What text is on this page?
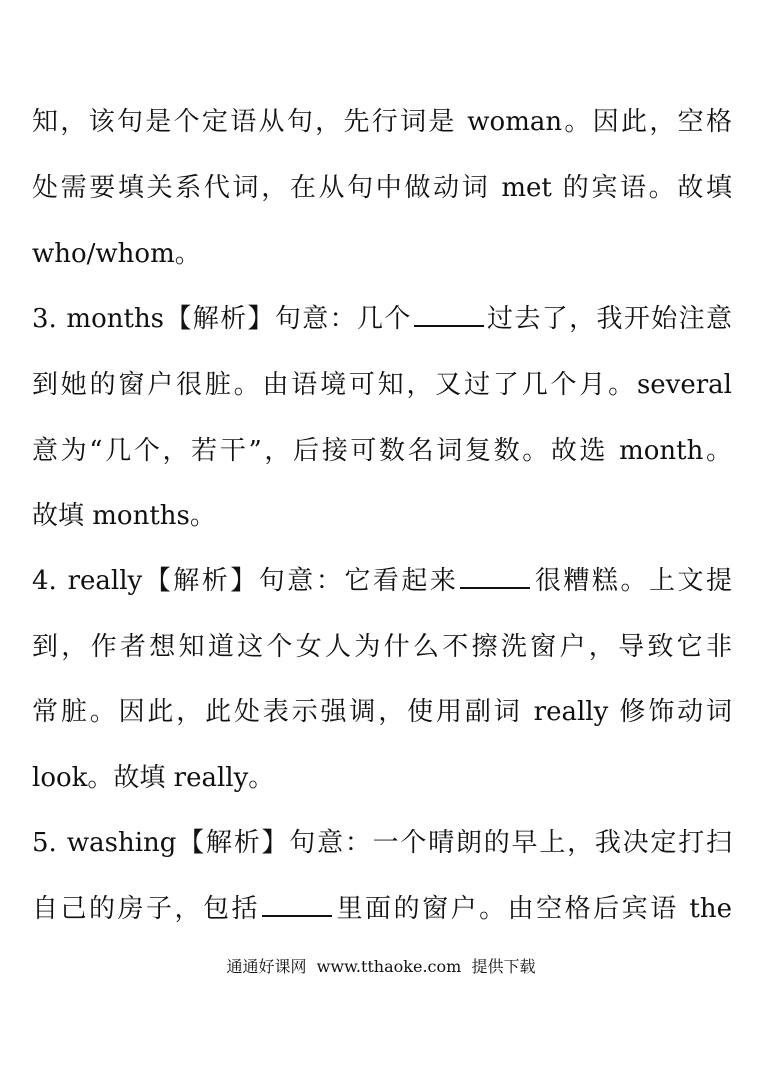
知，该句是个定语从句，先行词是 woman。因此，空格
处需要填关系代词，在从句中做动词 met 的宾语。故填
who/whom。
3. months【解析】句意：几个	过去了，我开始注意
到她的窗户很脏。由语境可知，又过了几个月。several
意为“几个，若干”，后接可数名词复数。故选 month。
故填 months。
4. really【解析】句意：它看起来	很糟糕。上文提
到，作者想知道这个女人为什么不擦洗窗户，导致它非
常脏。因此，此处表示强调，使用副词 really 修饰动词
look。故填 really。
5. washing【解析】句意：一个晴朗的早上，我决定打扫
自己的房子，包括	里面的窗户。由空格后宾语 the
通通好课网  www.tthaoke.com  提供下载
